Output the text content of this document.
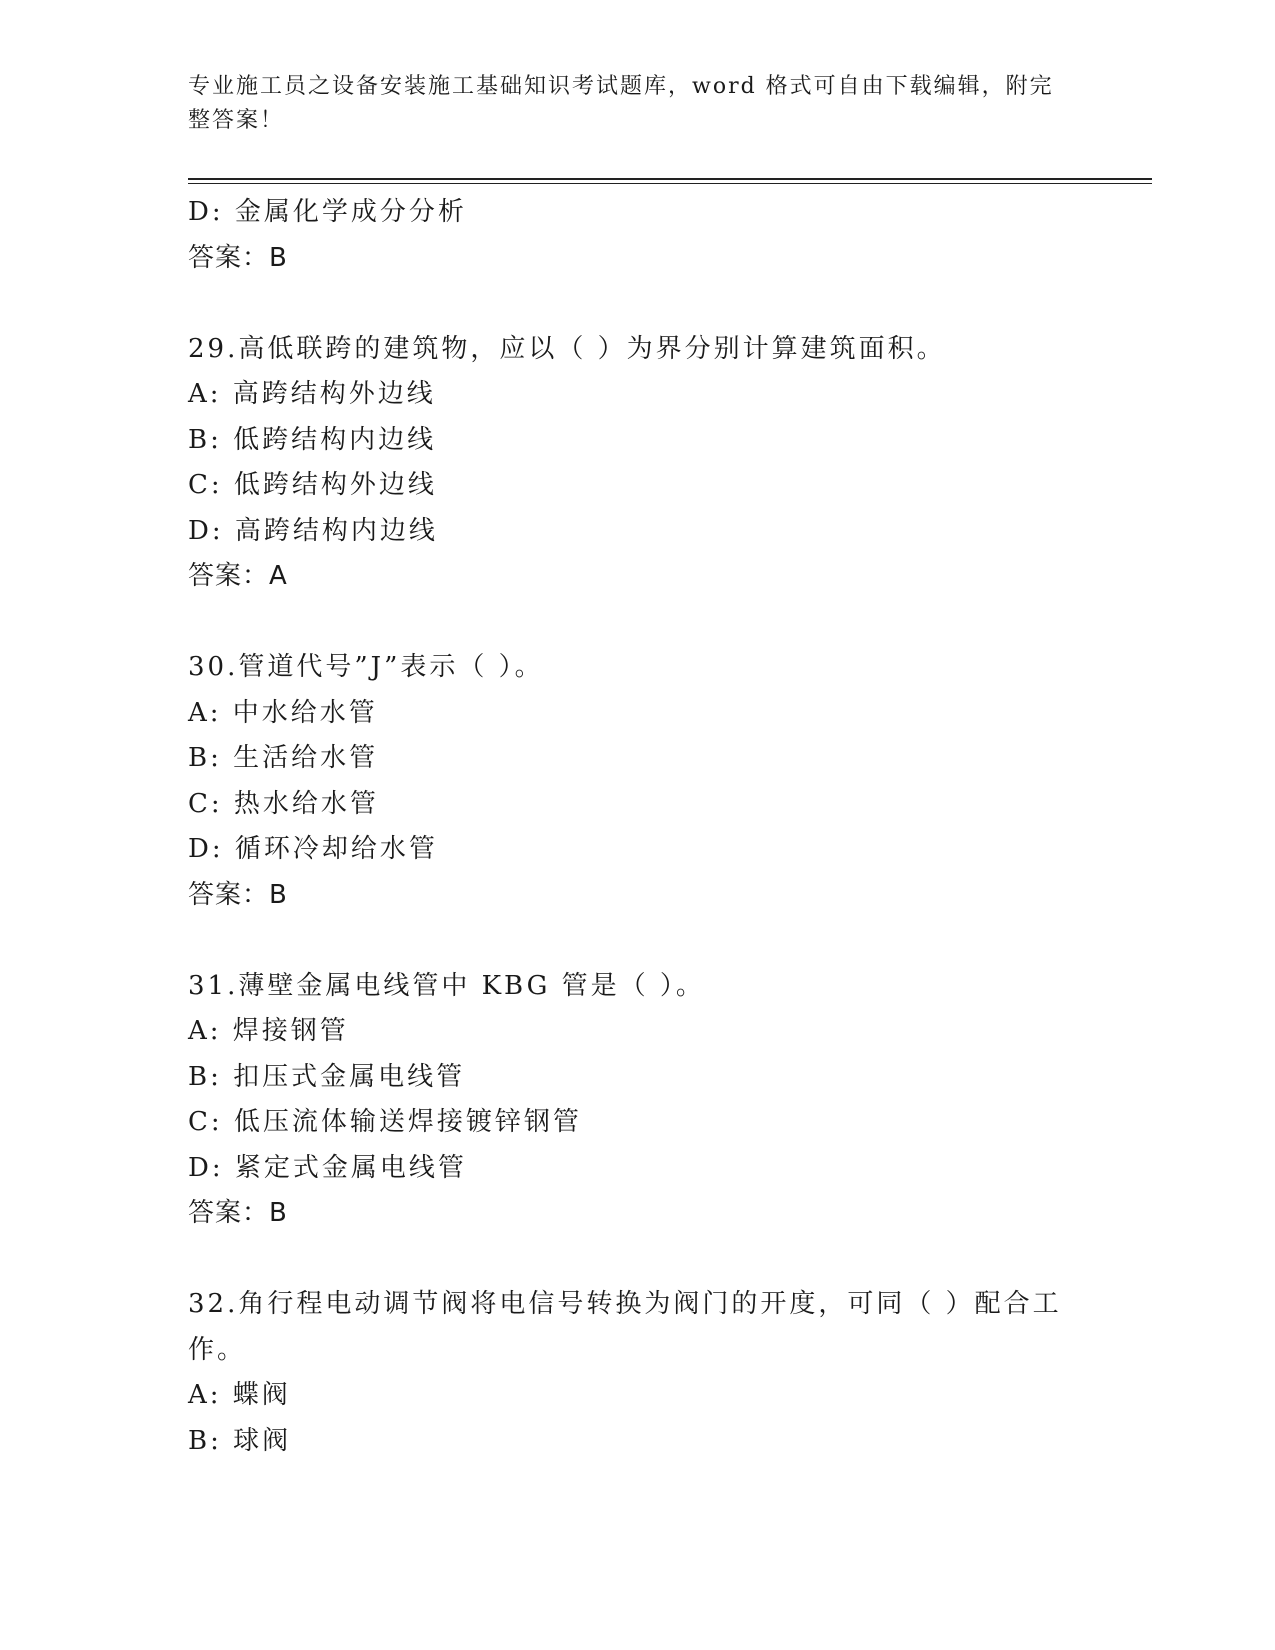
专业施工员之设备安装施工基础知识考试题库，word 格式可自由下载编辑，附完整答案！
D: 金属化学成分分析
答案：B
29.高低联跨的建筑物，应以（ ）为界分别计算建筑面积。
A: 高跨结构外边线
B: 低跨结构内边线
C: 低跨结构外边线
D: 高跨结构内边线
答案：A
30.管道代号”J”表示（ ）。
A: 中水给水管
B: 生活给水管
C: 热水给水管
D: 循环冷却给水管
答案：B
31.薄壁金属电线管中 KBG 管是（ ）。
A: 焊接钢管
B: 扣压式金属电线管
C: 低压流体输送焊接镀锌钢管
D: 紧定式金属电线管
答案：B
32.角行程电动调节阀将电信号转换为阀门的开度，可同（ ）配合工作。
A: 蝶阀
B: 球阀
